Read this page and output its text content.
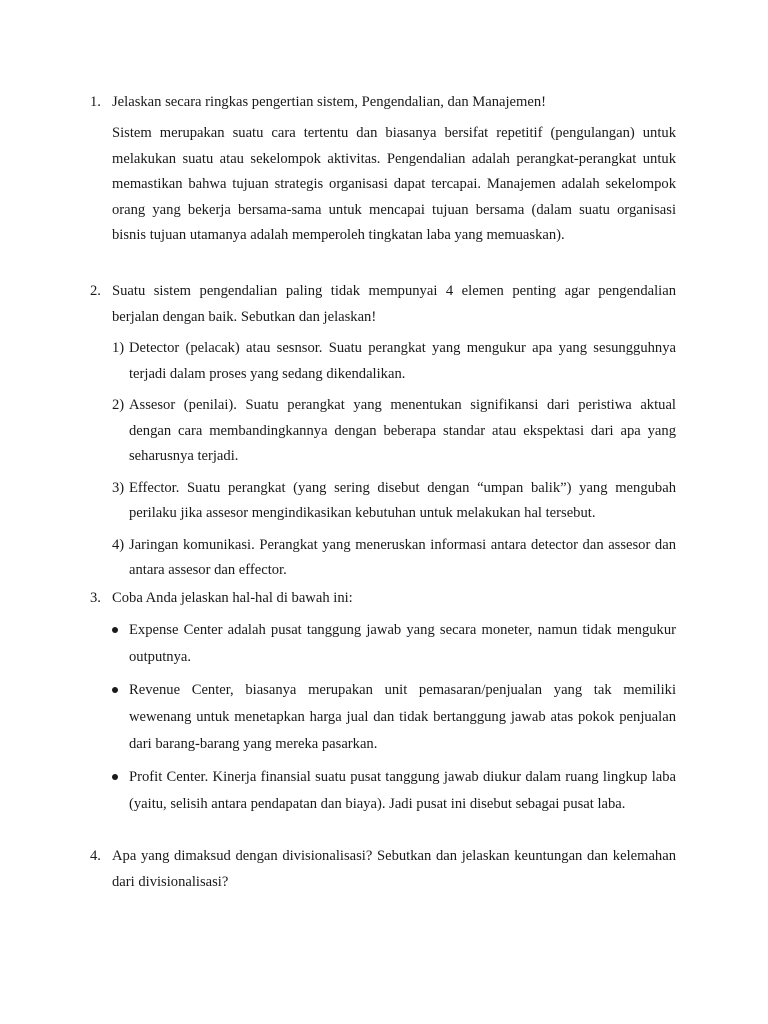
1. Jelaskan secara ringkas pengertian sistem, Pengendalian, dan Manajemen!
Sistem merupakan suatu cara tertentu dan biasanya bersifat repetitif (pengulangan) untuk melakukan suatu atau sekelompok aktivitas. Pengendalian adalah perangkat-perangkat untuk memastikan bahwa tujuan strategis organisasi dapat tercapai. Manajemen adalah sekelompok orang yang bekerja bersama-sama untuk mencapai tujuan bersama (dalam suatu organisasi bisnis tujuan utamanya adalah memperoleh tingkatan laba yang memuaskan).
2. Suatu sistem pengendalian paling tidak mempunyai 4 elemen penting agar pengendalian berjalan dengan baik. Sebutkan dan jelaskan!
1) Detector (pelacak) atau sesnsor. Suatu perangkat yang mengukur apa yang sesungguhnya terjadi dalam proses yang sedang dikendalikan.
2) Assesor (penilai). Suatu perangkat yang menentukan signifikansi dari peristiwa aktual dengan cara membandingkannya dengan beberapa standar atau ekspektasi dari apa yang seharusnya terjadi.
3) Effector. Suatu perangkat (yang sering disebut dengan “umpan balik”) yang mengubah perilaku jika assesor mengindikasikan kebutuhan untuk melakukan hal tersebut.
4) Jaringan komunikasi. Perangkat yang meneruskan informasi antara detector dan assesor dan antara assesor dan effector.
3. Coba Anda jelaskan hal-hal di bawah ini:
Expense Center adalah pusat tanggung jawab yang secara moneter, namun tidak mengukur outputnya.
Revenue Center, biasanya merupakan unit pemasaran/penjualan yang tak memiliki wewenang untuk menetapkan harga jual dan tidak bertanggung jawab atas pokok penjualan dari barang-barang yang mereka pasarkan.
Profit Center. Kinerja finansial suatu pusat tanggung jawab diukur dalam ruang lingkup laba (yaitu, selisih antara pendapatan dan biaya). Jadi pusat ini disebut sebagai pusat laba.
4. Apa yang dimaksud dengan divisionalisasi? Sebutkan dan jelaskan keuntungan dan kelemahan dari divisionalisasi?
